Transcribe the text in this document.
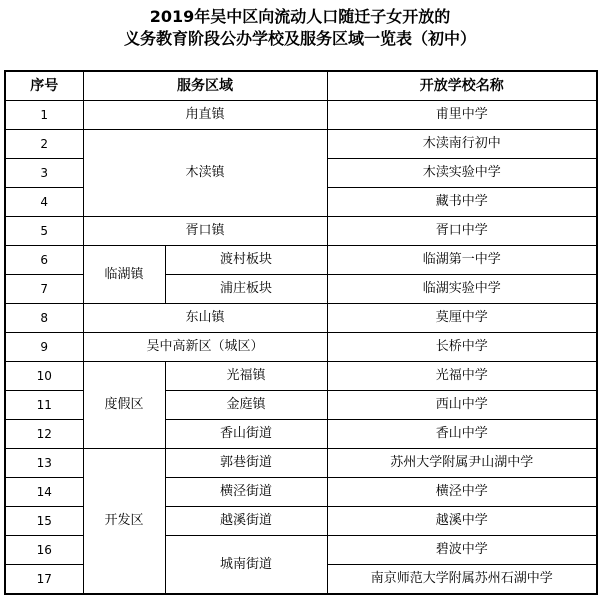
2019年吴中区向流动人口随迁子女开放的
义务教育阶段公办学校及服务区域一览表（初中）
序号	服务区域		开放学校名称
1	甪直镇		甫里中学
2	木渎镇		木渎南行初中
3			木渎实验中学
4			藏书中学
5	胥口镇		胥口中学
6	临湖镇	渡村板块	临湖第一中学
7		浦庄板块	临湖实验中学
8	东山镇		莫厘中学
9	吴中高新区（城区）		长桥中学
10	度假区	光福镇	光福中学
11		金庭镇	西山中学
12		香山街道	香山中学
13	开发区	郭巷街道	苏州大学附属尹山湖中学
14		横泾街道	横泾中学
15		越溪街道	越溪中学
16		城南街道	碧波中学
17			南京师范大学附属苏州石湖中学
